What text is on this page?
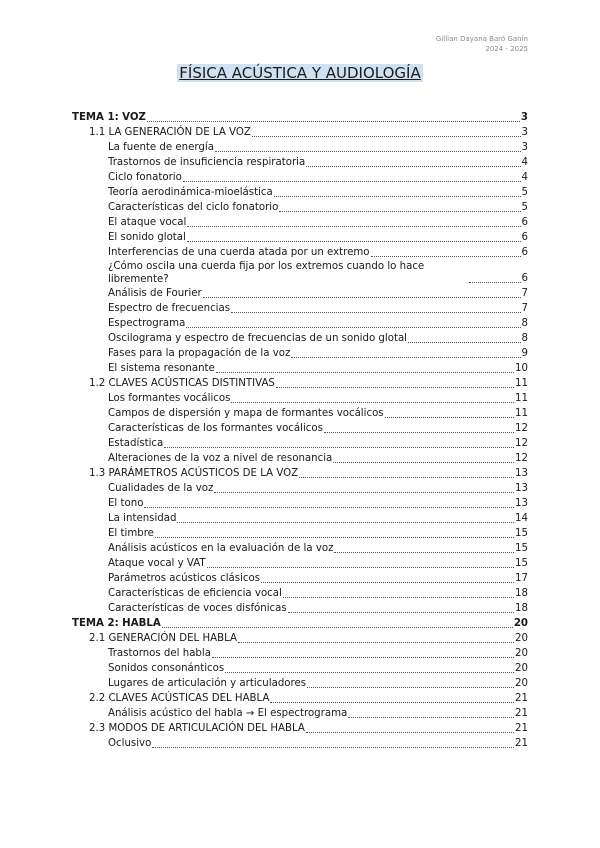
Gillian Dayana Baró Ganín
2024 - 2025
FÍSICA ACÚSTICA Y AUDIOLOGÍA
TEMA 1: VOZ	3
1.1 LA GENERACIÓN DE LA VOZ	3
La fuente de energía	3
Trastornos de insuficiencia respiratoria	4
Ciclo fonatorio	4
Teoría aerodinámica-mioelástica	5
Características del ciclo fonatorio	5
El ataque vocal	6
El sonido glotal	6
Interferencias de una cuerda atada por un extremo	6
¿Cómo oscila una cuerda fija por los extremos cuando lo hace libremente?	6
Análisis de Fourier	7
Espectro de frecuencias	7
Espectrograma	8
Oscilograma y espectro de frecuencias de un sonido glotal	8
Fases para la propagación de la voz	9
El sistema resonante	10
1.2 CLAVES ACÚSTICAS DISTINTIVAS	11
Los formantes vocálicos	11
Campos de dispersión y mapa de formantes vocálicos	11
Características de los formantes vocálicos	12
Estadística	12
Alteraciones de la voz a nivel de resonancia	12
1.3 PARÁMETROS ACÚSTICOS DE LA VOZ	13
Cualidades de la voz	13
El tono	13
La intensidad	14
El timbre	15
Análisis acústicos en la evaluación de la voz	15
Ataque vocal y VAT	15
Parámetros acústicos clásicos	17
Características de eficiencia vocal	18
Características de voces disfónicas	18
TEMA 2: HABLA	20
2.1 GENERACIÓN DEL HABLA	20
Trastornos del habla	20
Sonidos consonánticos	20
Lugares de articulación y articuladores	20
2.2 CLAVES ACÚSTICAS DEL HABLA	21
Análisis acústico del habla → El espectrograma	21
2.3 MODOS DE ARTICULACIÓN DEL HABLA	21
Oclusivo	21
